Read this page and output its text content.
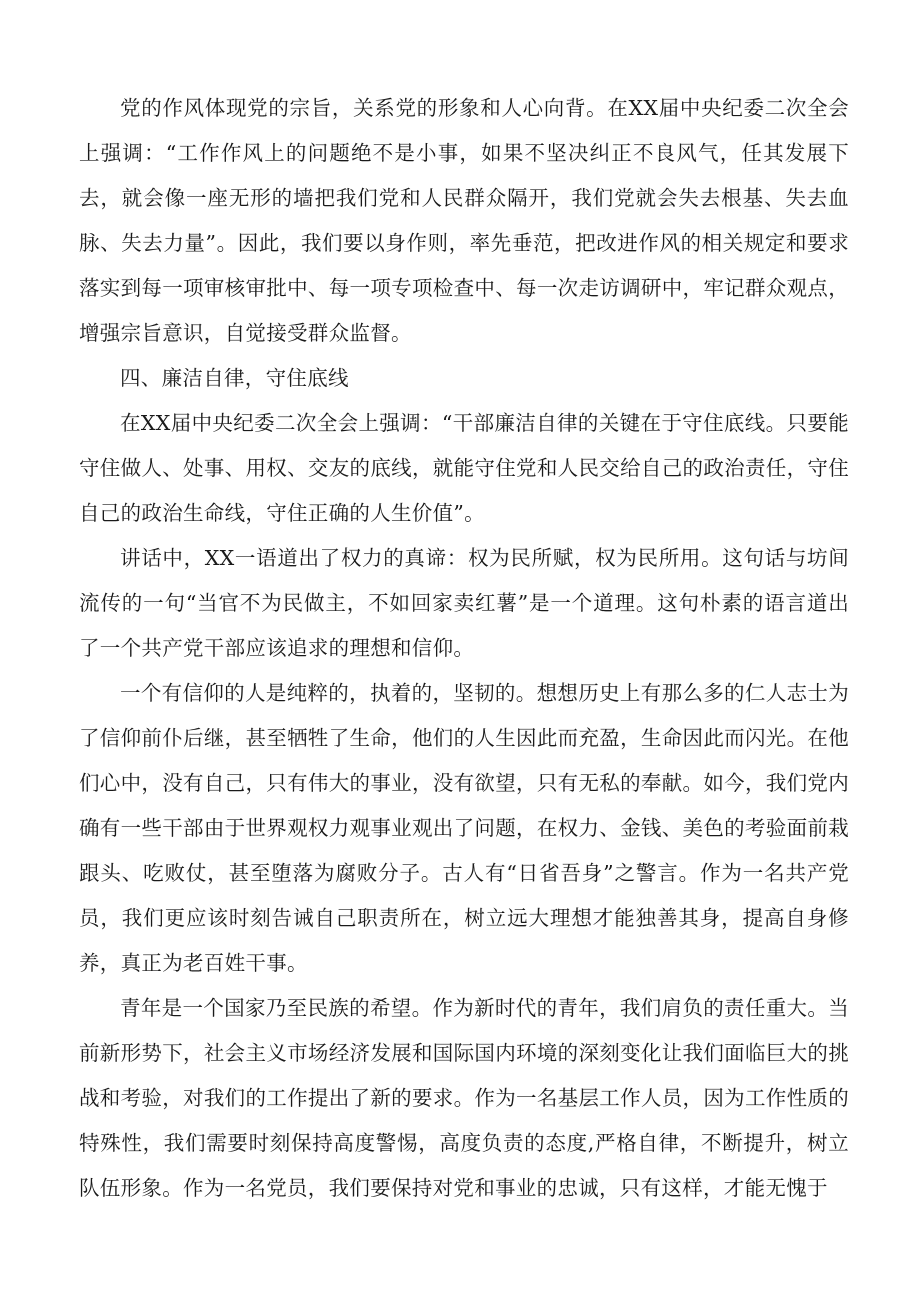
党的作风体现党的宗旨，关系党的形象和人心向背。在XX届中央纪委二次全会上强调：“工作作风上的问题绝不是小事，如果不坚决纠正不良风气，任其发展下去，就会像一座无形的墙把我们党和人民群众隔开，我们党就会失去根基、失去血脉、失去力量”。因此，我们要以身作则，率先垂范，把改进作风的相关规定和要求落实到每一项审核审批中、每一项专项检查中、每一次走访调研中，牢记群众观点，增强宗旨意识，自觉接受群众监督。

四、廉洁自律，守住底线

在XX届中央纪委二次全会上强调：“干部廉洁自律的关键在于守住底线。只要能守住做人、处事、用权、交友的底线，就能守住党和人民交给自己的政治责任，守住自己的政治生命线，守住正确的人生价值”。

讲话中，XX一语道出了权力的真谛：权为民所赋，权为民所用。这句话与坊间流传的一句“当官不为民做主，不如回家卖红薯”是一个道理。这句朴素的语言道出了一个共产党干部应该追求的理想和信仰。

一个有信仰的人是纯粹的，执着的，坚韧的。想想历史上有那么多的仁人志士为了信仰前仆后继，甚至牺牲了生命，他们的人生因此而充盈，生命因此而闪光。在他们心中，没有自己，只有伟大的事业，没有欲望，只有无私的奉献。如今，我们党内确有一些干部由于世界观权力观事业观出了问题，在权力、金钱、美色的考验面前栽跟头、吃败仗，甚至堕落为腐败分子。古人有“日省吾身”之警言。作为一名共产党员，我们更应该时刻告诫自己职责所在，树立远大理想才能独善其身，提高自身修养，真正为老百姓干事。

青年是一个国家乃至民族的希望。作为新时代的青年，我们肩负的责任重大。当前新形势下，社会主义市场经济发展和国际国内环境的深刻变化让我们面临巨大的挑战和考验，对我们的工作提出了新的要求。作为一名基层工作人员，因为工作性质的特殊性，我们需要时刻保持高度警惕，高度负责的态度,严格自律，不断提升，树立队伍形象。作为一名党员，我们要保持对党和事业的忠诚，只有这样，才能无愧于
